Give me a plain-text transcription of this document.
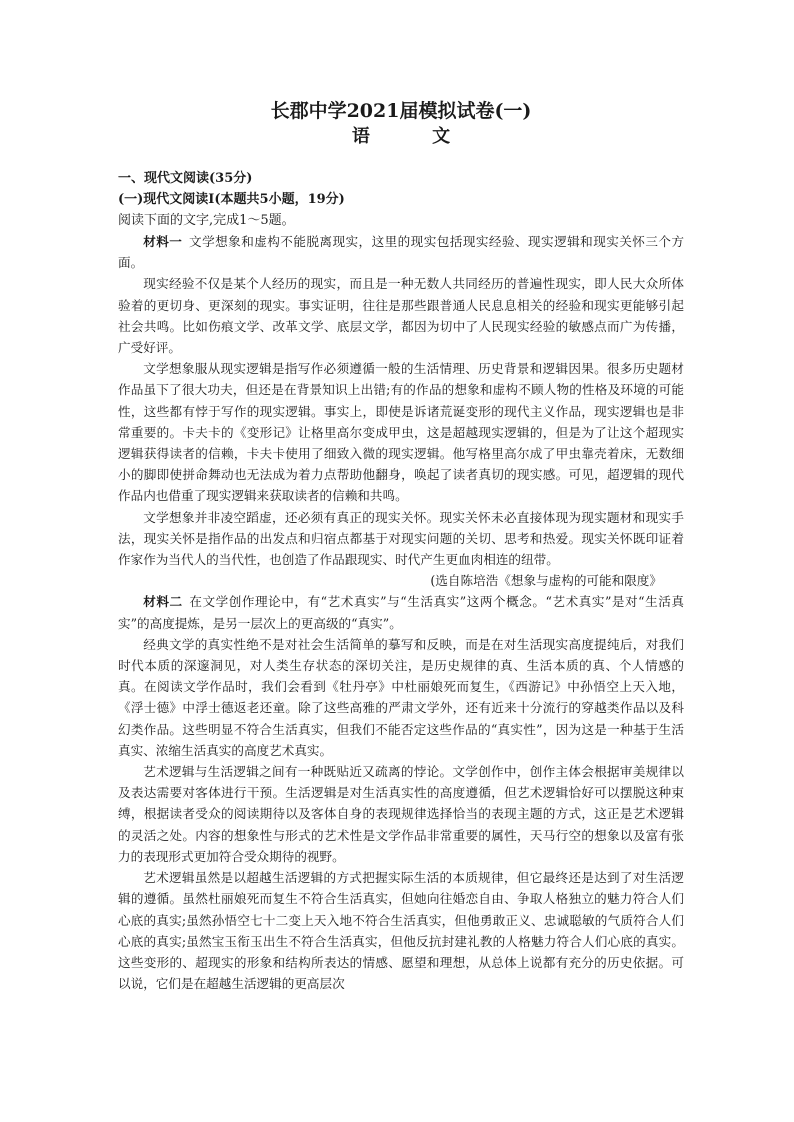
长郡中学2021届模拟试卷(一)
语 文
一、现代文阅读(35分)
(一)现代文阅读Ⅰ(本题共5小题，19分)
阅读下面的文字,完成1～5题。

材料一  文学想象和虚构不能脱离现实，这里的现实包括现实经验、现实逻辑和现实关怀三个方面。

现实经验不仅是某个人经历的现实，而且是一种无数人共同经历的普遍性现实，即人民大众所体验着的更切身、更深刻的现实。事实证明，往往是那些跟普通人民息息相关的经验和现实更能够引起社会共鸣。比如伤痕文学、改革文学、底层文学，都因为切中了人民现实经验的敏感点而广为传播，广受好评。

文学想象服从现实逻辑是指写作必须遵循一般的生活情理、历史背景和逻辑因果。很多历史题材作品虽下了很大功夫，但还是在背景知识上出错;有的作品的想象和虚构不顾人物的性格及环境的可能性，这些都有悖于写作的现实逻辑。事实上，即使是诉诸荒诞变形的现代主义作品，现实逻辑也是非常重要的。卡夫卡的《变形记》让格里高尔变成甲虫，这是超越现实逻辑的，但是为了让这个超现实逻辑获得读者的信赖，卡夫卡使用了细致入微的现实逻辑。他写格里高尔成了甲虫靠壳着床，无数细小的脚即使拼命舞动也无法成为着力点帮助他翻身，唤起了读者真切的现实感。可见，超逻辑的现代作品内也借重了现实逻辑来获取读者的信赖和共鸣。

文学想象并非凌空蹈虚，还必须有真正的现实关怀。现实关怀未必直接体现为现实题材和现实手法，现实关怀是指作品的出发点和归宿点都基于对现实问题的关切、思考和热爱。现实关怀既印证着作家作为当代人的当代性，也创造了作品跟现实、时代产生更血肉相连的纽带。

(选自陈培浩《想象与虚构的可能和限度》

材料二  在文学创作理论中，有“艺术真实”与“生活真实”这两个概念。“艺术真实”是对“生活真实”的高度提炼，是另一层次上的更高级的“真实”。

经典文学的真实性绝不是对社会生活简单的摹写和反映，而是在对生活现实高度提纯后，对我们时代本质的深邃洞见，对人类生存状态的深切关注，是历史规律的真、生活本质的真、个人情感的真。在阅读文学作品时，我们会看到《牡丹亭》中杜丽娘死而复生，《西游记》中孙悟空上天入地，《浮士德》中浮士德返老还童。除了这些高雅的严肃文学外，还有近来十分流行的穿越类作品以及科幻类作品。这些明显不符合生活真实，但我们不能否定这些作品的“真实性”，因为这是一种基于生活真实、浓缩生活真实的高度艺术真实。

艺术逻辑与生活逻辑之间有一种既贴近又疏离的悖论。文学创作中，创作主体会根据审美规律以及表达需要对客体进行干预。生活逻辑是对生活真实性的高度遵循，但艺术逻辑恰好可以摆脱这种束缚，根据读者受众的阅读期待以及客体自身的表现规律选择恰当的表现主题的方式，这正是艺术逻辑的灵活之处。内容的想象性与形式的艺术性是文学作品非常重要的属性，天马行空的想象以及富有张力的表现形式更加符合受众期待的视野。

艺术逻辑虽然是以超越生活逻辑的方式把握实际生活的本质规律，但它最终还是达到了对生活逻辑的遵循。虽然杜丽娘死而复生不符合生活真实，但她向往婚恋自由、争取人格独立的魅力符合人们心底的真实;虽然孙悟空七十二变上天入地不符合生活真实，但他勇敢正义、忠诚聪敏的气质符合人们心底的真实;虽然宝玉衔玉出生不符合生活真实，但他反抗封建礼教的人格魅力符合人们心底的真实。这些变形的、超现实的形象和结构所表达的情感、愿望和理想，从总体上说都有充分的历史依据。可以说，它们是在超越生活逻辑的更高层次
